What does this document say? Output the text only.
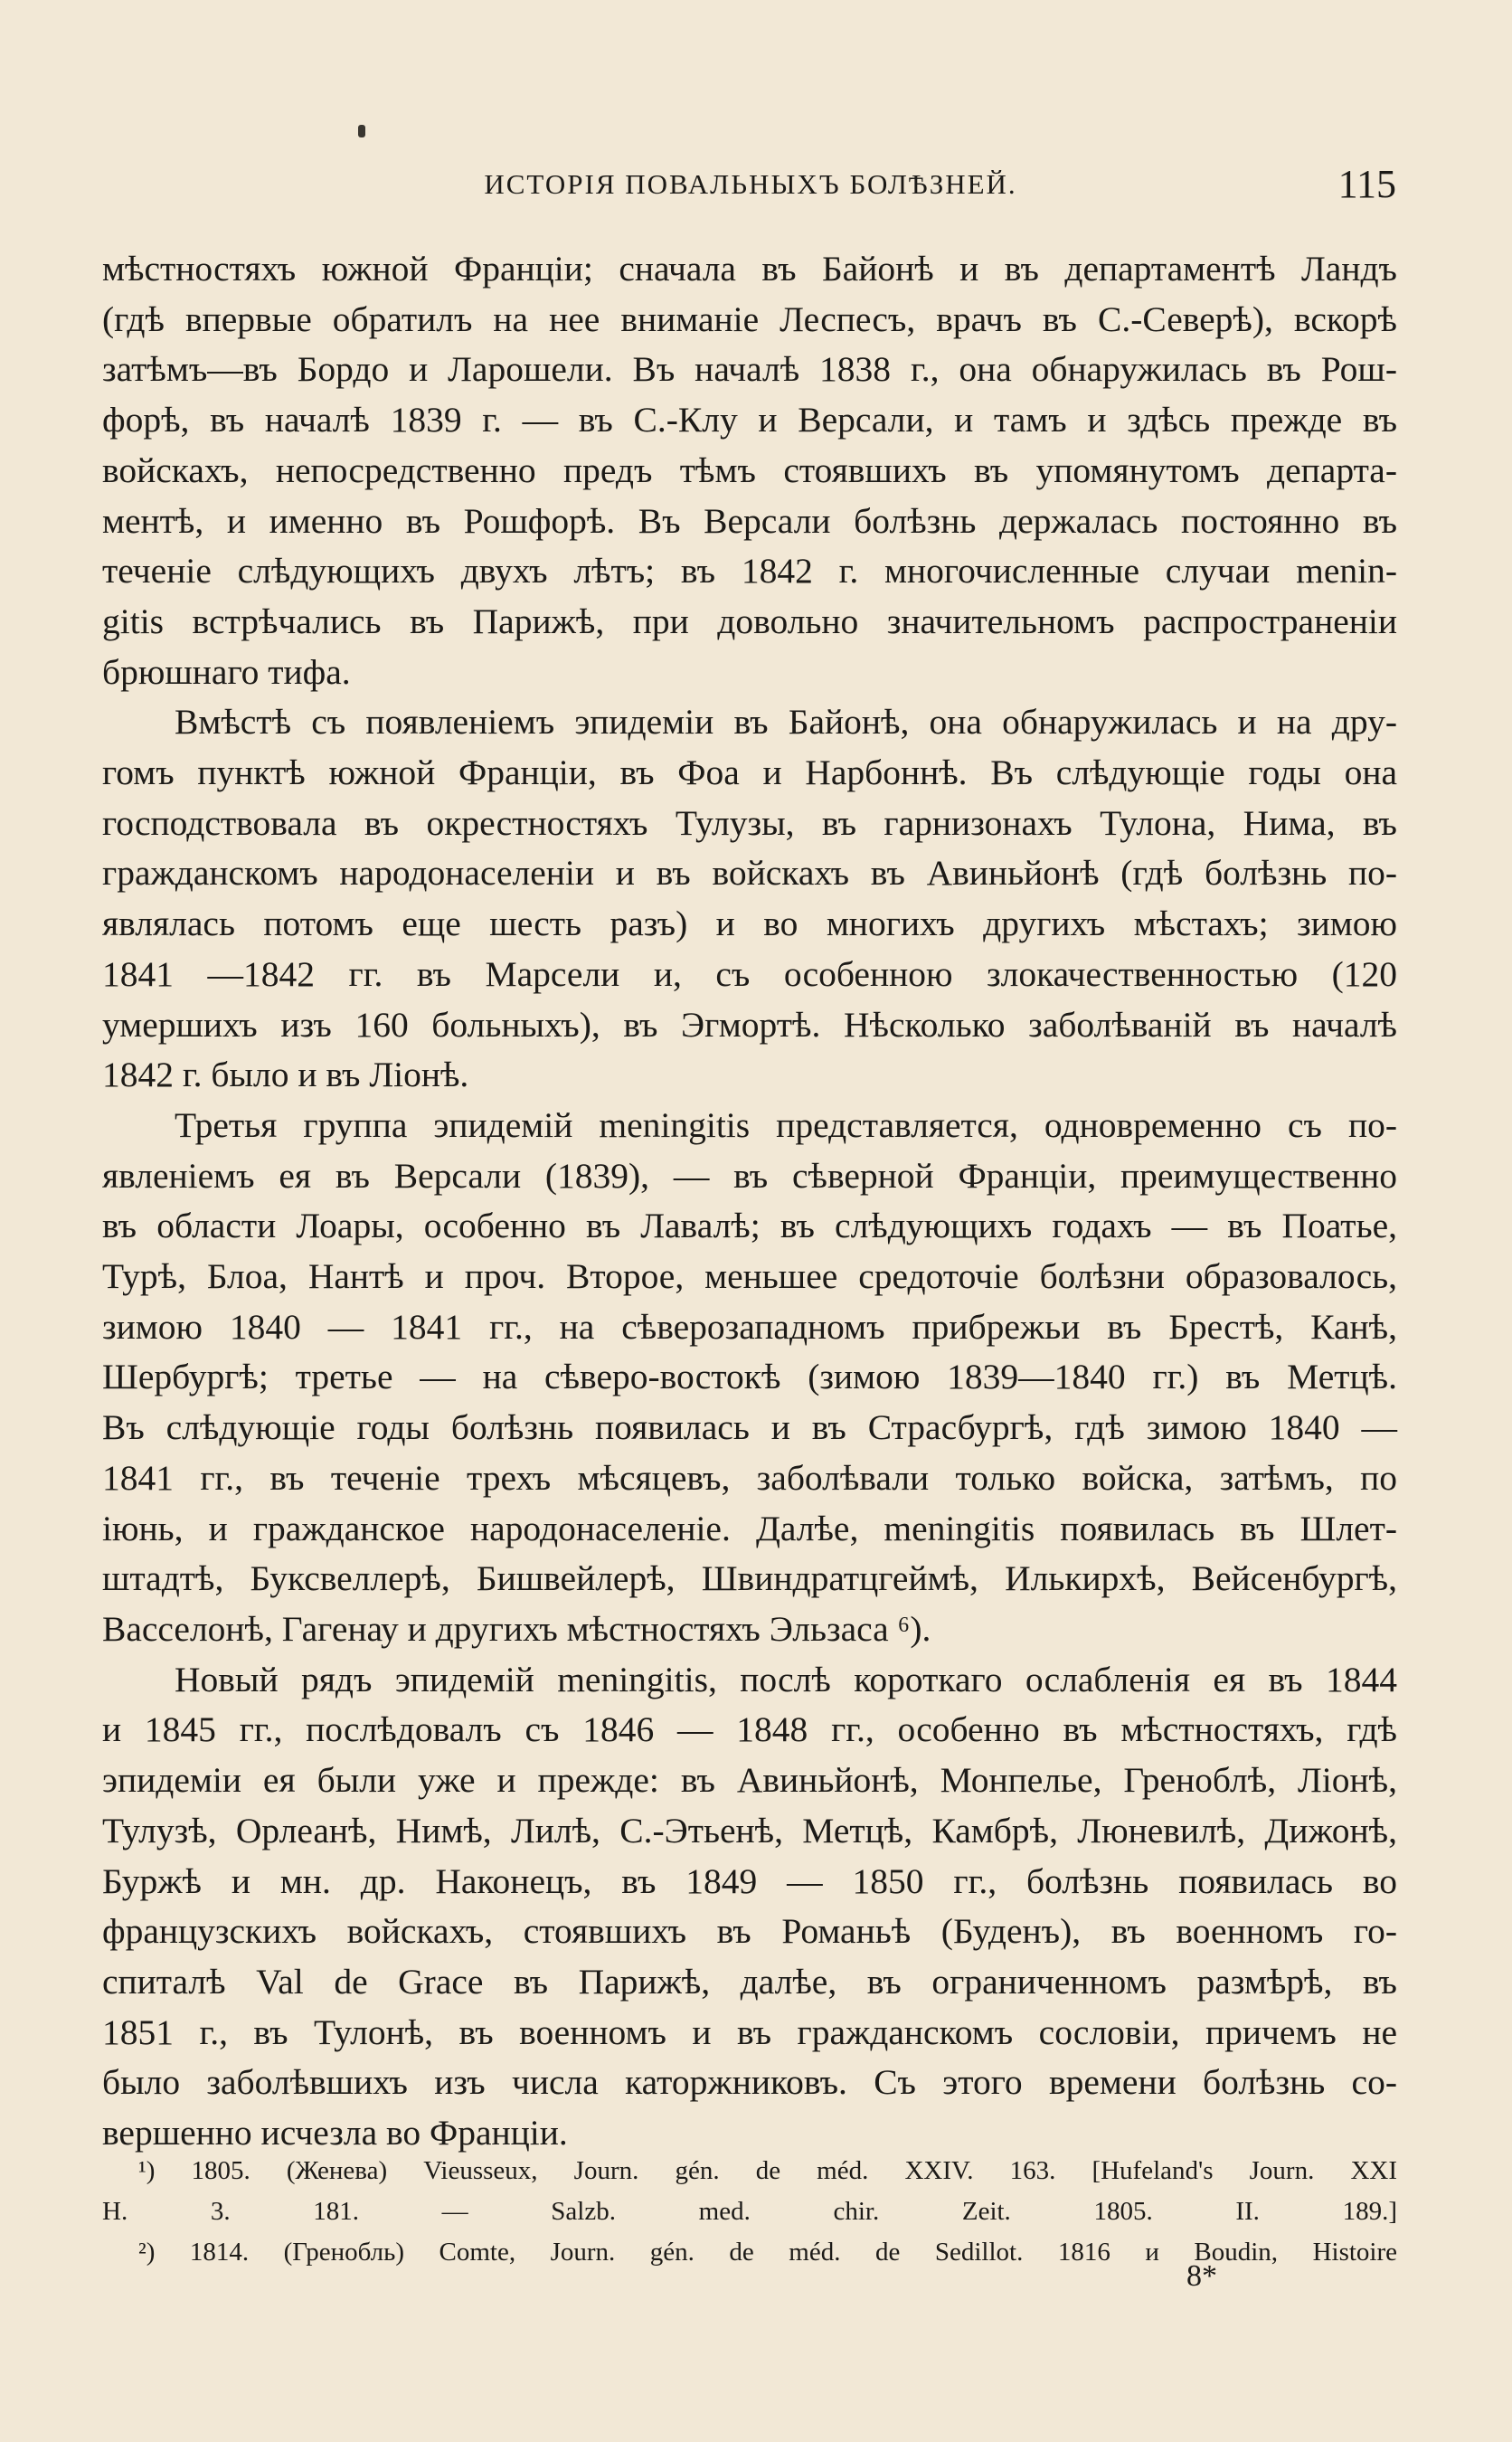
ИСТОРІЯ ПОВАЛЬНЫХЪ БОЛѢЗНЕЙ.	115

мѣстностяхъ южной Франціи; сначала въ Байонѣ и въ департаментѣ Ландъ
(гдѣ впервые обратилъ на нее вниманіе Леспесъ, врачъ въ С.-Северѣ), вскорѣ
затѣмъ—въ Бордо и Ларошели. Въ началѣ 1838 г., она обнаружилась въ Рош-
форѣ, въ началѣ 1839 г. — въ С.-Клу и Версали, и тамъ и здѣсь прежде въ
войскахъ, непосредственно предъ тѣмъ стоявшихъ въ упомянутомъ департа-
ментѣ, и именно въ Рошфорѣ. Въ Версали болѣзнь держалась постоянно въ
теченіе слѣдующихъ двухъ лѣтъ; въ 1842 г. многочисленные случаи menin-
gitis встрѣчались въ Парижѣ, при довольно значительномъ распространеніи
брюшнаго тифа.

Вмѣстѣ съ появленіемъ эпидеміи въ Байонѣ, она обнаружилась и на дру-
гомъ пунктѣ южной Франціи, въ Фоа и Нарбоннѣ. Въ слѣдующіе годы она
господствовала въ окрестностяхъ Тулузы, въ гарнизонахъ Тулона, Нима, въ
гражданскомъ народонаселеніи и въ войскахъ въ Авиньйонѣ (гдѣ болѣзнь по-
являлась потомъ еще шесть разъ) и во многихъ другихъ мѣстахъ; зимою
1841 —1842 гг. въ Марсели и, съ особенною злокачественностью (120
умершихъ изъ 160 больныхъ), въ Эгмортѣ. Нѣсколько заболѣваній въ началѣ
1842 г. было и въ Ліонѣ.

Третья группа эпидемій meningitis представляется, одновременно съ по-
явленіемъ ея въ Версали (1839), — въ сѣверной Франціи, преимущественно
въ области Лоары, особенно въ Лавалѣ; въ слѣдующихъ годахъ — въ Поатье,
Турѣ, Блоа, Нантѣ и проч. Второе, меньшее средоточіе болѣзни образовалось,
зимою 1840 — 1841 гг., на сѣверозападномъ прибрежьи въ Брестѣ, Канѣ,
Шербургѣ; третье — на сѣверо-востокѣ (зимою 1839—1840 гг.) въ Метцѣ.
Въ слѣдующіе годы болѣзнь появилась и въ Страсбургѣ, гдѣ зимою 1840 —
1841 гг., въ теченіе трехъ мѣсяцевъ, заболѣвали только войска, затѣмъ, по
іюнь, и гражданское народонаселеніе. Далѣе, meningitis появилась въ Шлет-
штадтѣ, Буксвеллерѣ, Бишвейлерѣ, Швиндратцгеймѣ, Илькирхѣ, Вейсенбургѣ,
Васселонѣ, Гагенау и другихъ мѣстностяхъ Эльзаса ⁶).

Новый рядъ эпидемій meningitis, послѣ короткаго ослабленія ея въ 1844
и 1845 гг., послѣдовалъ съ 1846 — 1848 гг., особенно въ мѣстностяхъ, гдѣ
эпидеміи ея были уже и прежде: въ Авиньйонѣ, Монпелье, Греноблѣ, Ліонѣ,
Тулузѣ, Орлеанѣ, Нимѣ, Лилѣ, С.-Этьенѣ, Метцѣ, Камбрѣ, Люневилѣ, Дижонѣ,
Буржѣ и мн. др. Наконецъ, въ 1849 — 1850 гг., болѣзнь появилась во
французскихъ войскахъ, стоявшихъ въ Романьѣ (Буденъ), въ военномъ го-
спиталѣ Val de Grace въ Парижѣ, далѣе, въ ограниченномъ размѣрѣ, въ
1851 г., въ Тулонѣ, въ военномъ и въ гражданскомъ сословіи, причемъ не
было заболѣвшихъ изъ числа каторжниковъ. Съ этого времени болѣзнь со-
вершенно исчезла во Франціи.

¹) 1805. (Женева) Vieusseux, Journ. gén. de méd. XXIV. 163. [Hufeland's Journ. XXI
H. 3. 181. — Salzb. med. chir. Zeit. 1805. II. 189.]
²) 1814. (Гренобль) Comte, Journ. gén. de méd. de Sedillot. 1816 и Boudin, Histoire
8*
